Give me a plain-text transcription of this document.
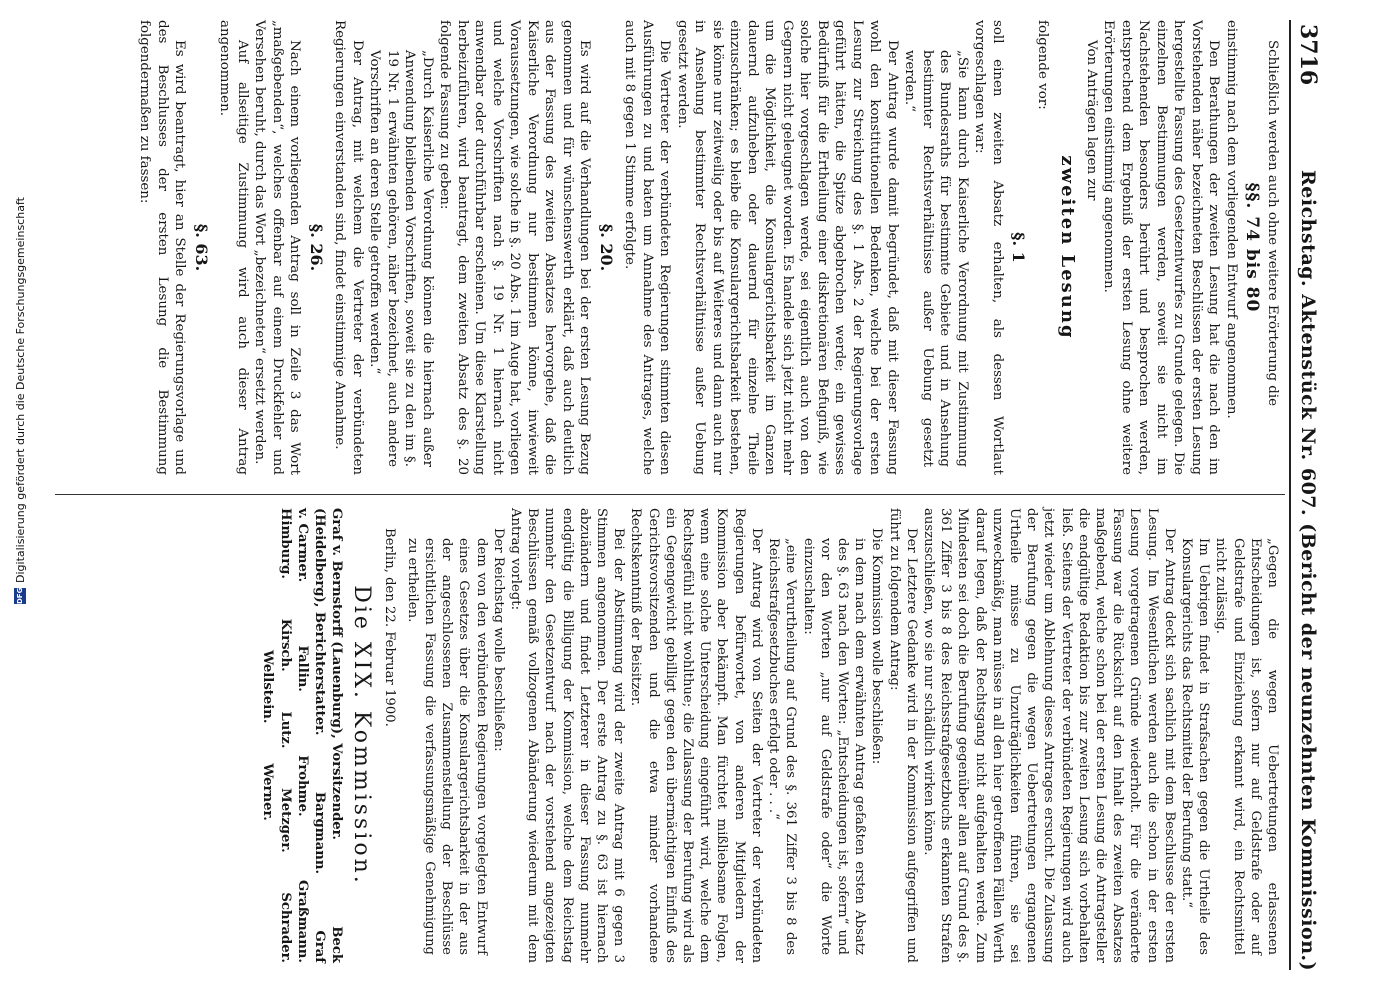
3716
Reichstag. Aktenstück Nr. 607. (Bericht der neunzehnten Kommission.)

Schließlich werden auch ohne weitere Erörterung die

§§. 74 bis 80

einstimmig nach dem vorliegenden Entwurf angenommen.

Den Berathungen der zweiten Lesung hat die nach den im Vorstehenden näher bezeichneten Beschlüssen der ersten Lesung hergestellte Fassung des Gesetzentwurfes zu Grunde gelegen. Die einzelnen Bestimmungen werden, soweit sie nicht im Nachstehenden besonders berührt und besprochen werden, entsprechend dem Ergebniß der ersten Lesung ohne weitere Erörterungen einstimmig angenommen.

Von Anträgen lagen zur

zweiten Lesung

folgende vor:

§. 1

soll einen zweiten Absatz erhalten, als dessen Wortlaut vorgeschlagen war:

„Sie kann durch Kaiserliche Verordnung mit Zustimmung des Bundesraths für bestimmte Gebiete und in Ansehung bestimmter Rechtsverhältnisse außer Uebung gesetzt werden.“

Der Antrag wurde damit begründet, daß mit dieser Fassung wohl den konstitutionellen Bedenken, welche bei der ersten Lesung zur Streichung des §. 1 Abs. 2 der Regierungsvorlage geführt hätten, die Spitze abgebrochen werde; ein gewisses Bedürfniß für die Ertheilung einer diskretionären Befugniß, wie solche hier vorgeschlagen werde, sei eigentlich auch von den Gegnern nicht geleugnet worden. Es handele sich jetzt nicht mehr um die Möglichkeit, die Konsulargerichtsbarkeit im Ganzen dauernd aufzuheben oder dauernd für einzelne Theile einzuschränken; es bleibe die Konsulargerichtsbarkeit bestehen, sie könne nur zeitweilig oder bis auf Weiteres und dann auch nur in Ansehung bestimmter Rechtsverhältnisse außer Uebung gesetzt werden.

Die Vertreter der verbündeten Regierungen stimmten diesen Ausführungen zu und baten um Annahme des Antrages, welche auch mit 8 gegen 1 Stimme erfolgte.

§. 20.

Es wird auf die Verhandlungen bei der ersten Lesung Bezug genommen und für wünschenswerth erklärt, daß auch deutlich aus der Fassung des zweiten Absatzes hervorgehe, daß die Kaiserliche Verordnung nur bestimmen könne, inwieweit Voraussetzungen, wie solche in §. 20 Abs. 1 im Auge hat, vorliegen und welche Vorschriften nach §. 19 Nr. 1 hiernach nicht anwendbar oder durchführbar erscheinen. Um diese Klarstellung herbeizuführen, wird beantragt, dem zweiten Absatz des §. 20 folgende Fassung zu geben:

„Durch Kaiserliche Verordnung können die hiernach außer Anwendung bleibenden Vorschriften, soweit sie zu den im §. 19 Nr. 1 erwähnten gehören, näher bezeichnet, auch andere Vorschriften an deren Stelle getroffen werden.“

Der Antrag, mit welchem die Vertreter der verbündeten Regierungen einverstanden sind, findet einstimmige Annahme.

§. 26.

Nach einem vorliegenden Antrag soll in Zeile 3 das Wort „maßgebenden“, welches offenbar auf einem Druckfehler und Versehen beruht, durch das Wort „bezeichneten“ ersetzt werden.

Auf allseitige Zustimmung wird auch dieser Antrag angenommen.

§. 63.

Es wird beantragt, hier an Stelle der Regierungsvorlage und des Beschlusses der ersten Lesung die Bestimmung folgendermaßen zu fassen:

„Gegen die wegen Uebertretungen erlassenen Entscheidungen ist, sofern nur auf Geldstrafe oder auf Geldstrafe und Einziehung erkannt wird, ein Rechtsmittel nicht zulässig.

Im Uebrigen findet in Strafsachen gegen die Urtheile des Konsulargerichts das Rechtsmittel der Berufung statt.“

Der Antrag deckt sich sachlich mit dem Beschlusse der ersten Lesung. Im Wesentlichen werden auch die schon in der ersten Lesung vorgetragenen Gründe wiederholt. Für die veränderte Fassung war die Rücksicht auf den Inhalt des zweiten Absatzes maßgebend, welche schon bei der ersten Lesung die Antragsteller die endgültige Redaktion bis zur zweiten Lesung sich vorbehalten ließ. Seitens der Vertreter der verbündeten Regierungen wird auch jetzt wieder um Ablehnung dieses Antrages ersucht. Die Zulassung der Berufung gegen die wegen Uebertretungen ergangenen Urtheile müsse zu Unzuträglichkeiten führen, sie sei unzweckmäßig, man müsse in all den hier getroffenen Fällen Werth darauf legen, daß der Rechtsgang nicht aufgehalten werde. Zum Mindesten sei doch die Berufung gegenüber allen auf Grund des §. 361 Ziffer 3 bis 8 des Reichsstrafgesetzbuchs erkannten Strafen auszuschließen, wo sie nur schädlich wirken könne.

Der Letztere Gedanke wird in der Kommission aufgegriffen und führt zu folgendem Antrag:

Die Kommission wolle beschließen:

in dem nach dem erwähnten Antrag gefaßten ersten Absatz des §. 63 nach den Worten: „Entscheidungen ist, sofern“ und vor den Worten „nur auf Geldstrafe oder“ die Worte einzuschalten:

„eine Verurtheilung auf Grund des §. 361 Ziffer 3 bis 8 des Reichsstrafgesetzbuches erfolgt oder . . .“

Der Antrag wird von Seiten der Vertreter der verbündeten Regierungen befürwortet, von anderen Mitgliedern der Kommission aber bekämpft. Man fürchtet mißliebsame Folgen, wenn eine solche Unterscheidung eingeführt wird, welche dem Rechtsgefühl nicht wohlthue; die Zulassung der Berufung wird als ein Gegengewicht gebilligt gegen den übermächtigen Einfluß des Gerichtsvorsitzenden und die etwa minder vorhandene Rechtskenntniß der Beisitzer.

Bei der Abstimmung wird der zweite Antrag mit 6 gegen 3 Stimmen angenommen. Der erste Antrag zu §. 63 ist hiernach abzuändern und findet Letzterer in dieser Fassung nunmehr endgültig die Billigung der Kommission, welche dem Reichstag nunmehr den Gesetzentwurf nach der vorstehend angezeigten Beschlüssen gemäß vollzogenen Abänderung wiederum mit dem Antrag vorlegt:

Der Reichstag wolle beschließen:

dem von den verbündeten Regierungen vorgelegten Entwurf eines Gesetzes über die Konsulargerichtsbarkeit in der aus der angeschlossenen Zusammenstellung der Beschlüsse ersichtlichen Fassung die verfassungsmäßige Genehmigung zu ertheilen.

Berlin, den 22. Februar 1900.

Die XIX. Kommission.
Graf v. Bernstorff (Lauenburg), Vorsitzender.
Beck
(Heidelberg), Berichterstatter.
Bargmann.
Graf
v. Carmer.
Fallin.
Frohme.
Graßmann.
Himburg.
Kirsch.
Lutz.
Metzger.
Schrader.
Wellstein.
Werner.
DFG
Digitalisierung gefördert durch die Deutsche Forschungsgemeinschaft
